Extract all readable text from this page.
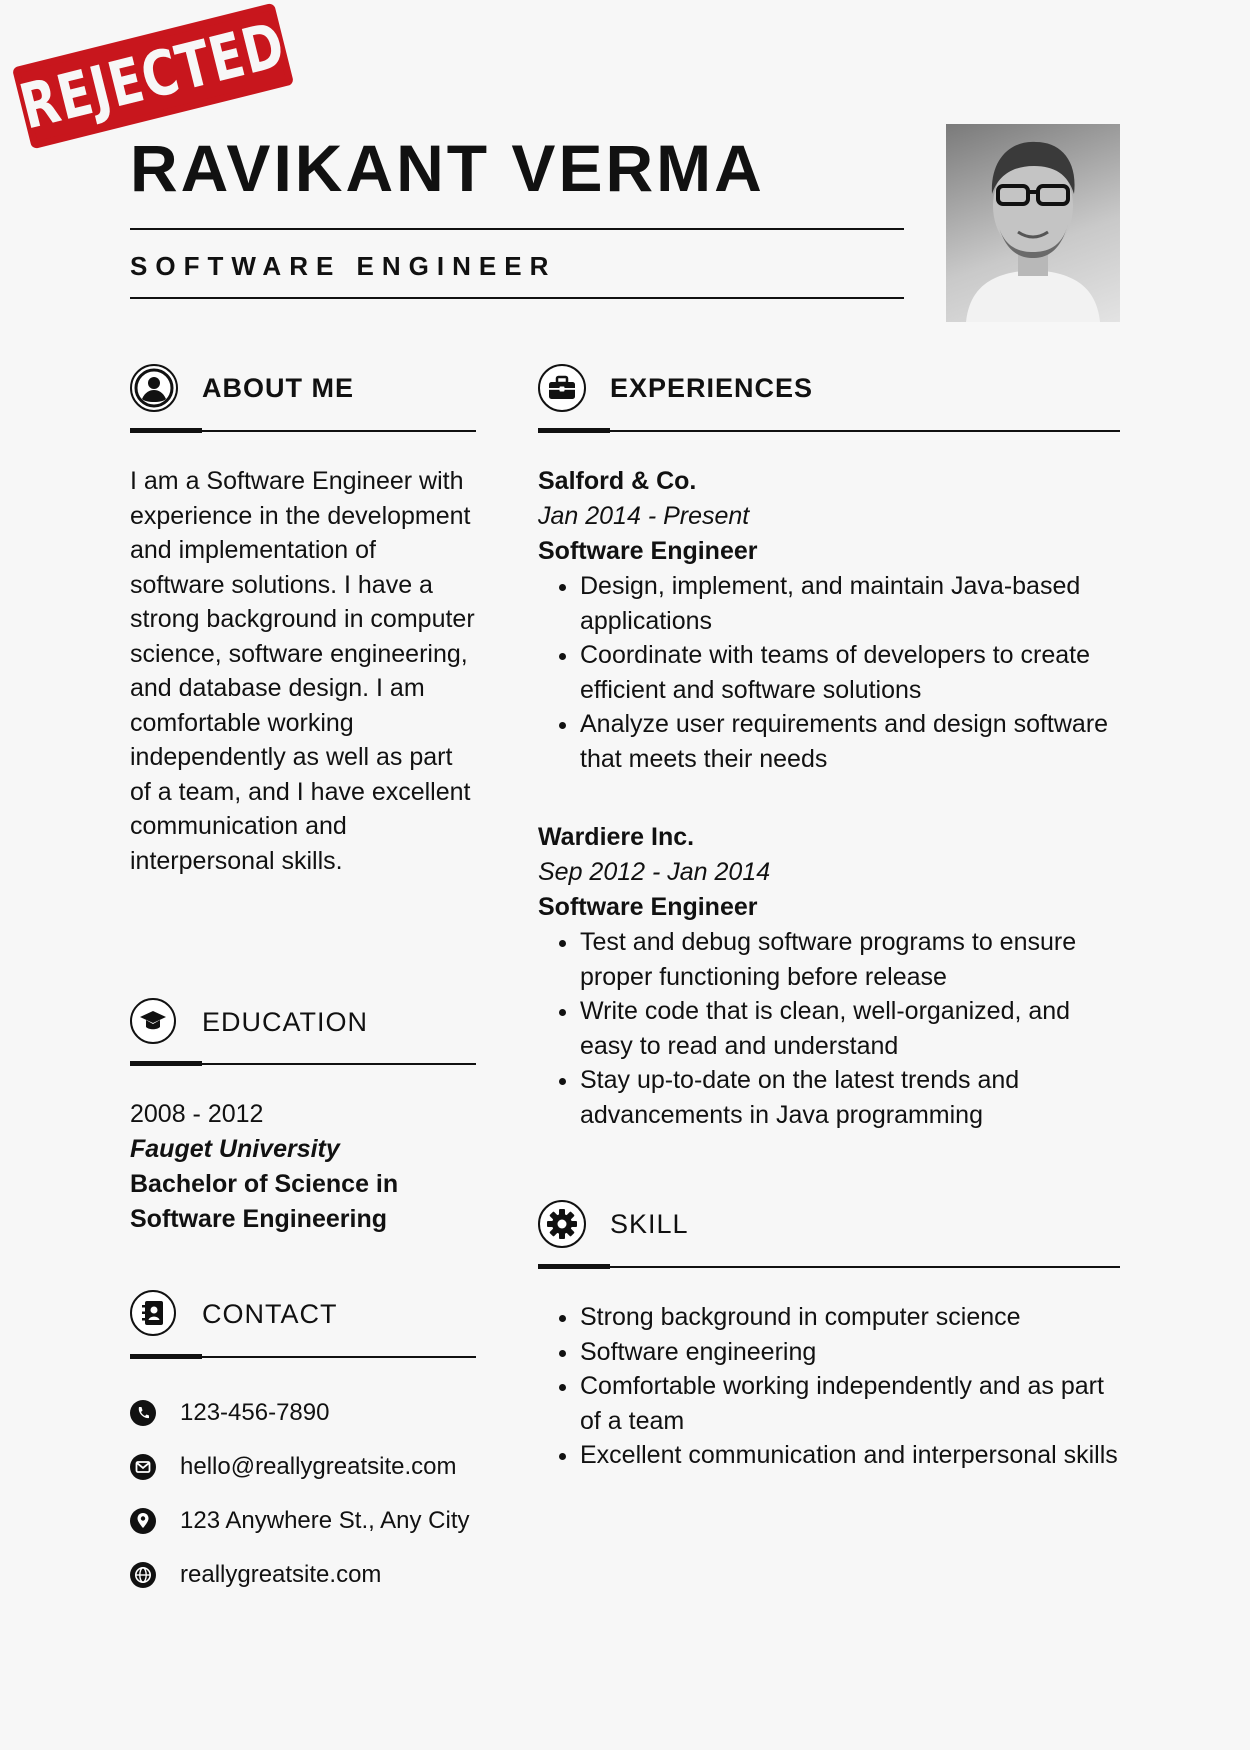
REJECTED
RAVIKANT VERMA
SOFTWARE ENGINEER
ABOUT ME
I am a Software Engineer with experience in the development and implementation of software solutions. I have a strong background in computer science, software engineering, and database design. I am comfortable working independently as well as part of a team, and I have excellent communication and interpersonal skills.
EDUCATION
2008 - 2012
Fauget University
Bachelor of Science in Software Engineering
CONTACT
123-456-7890
hello@reallygreatsite.com
123 Anywhere St., Any City
reallygreatsite.com
EXPERIENCES
Salford & Co.
Jan 2014 - Present
Software Engineer
• Design, implement, and maintain Java-based applications
• Coordinate with teams of developers to create efficient and software solutions
• Analyze user requirements and design software that meets their needs
Wardiere Inc.
Sep 2012 - Jan 2014
Software Engineer
• Test and debug software programs to ensure proper functioning before release
• Write code that is clean, well-organized, and easy to read and understand
• Stay up-to-date on the latest trends and advancements in Java programming
SKILL
• Strong background in computer science
• Software engineering
• Comfortable working independently and as part of a team
• Excellent communication and interpersonal skills
